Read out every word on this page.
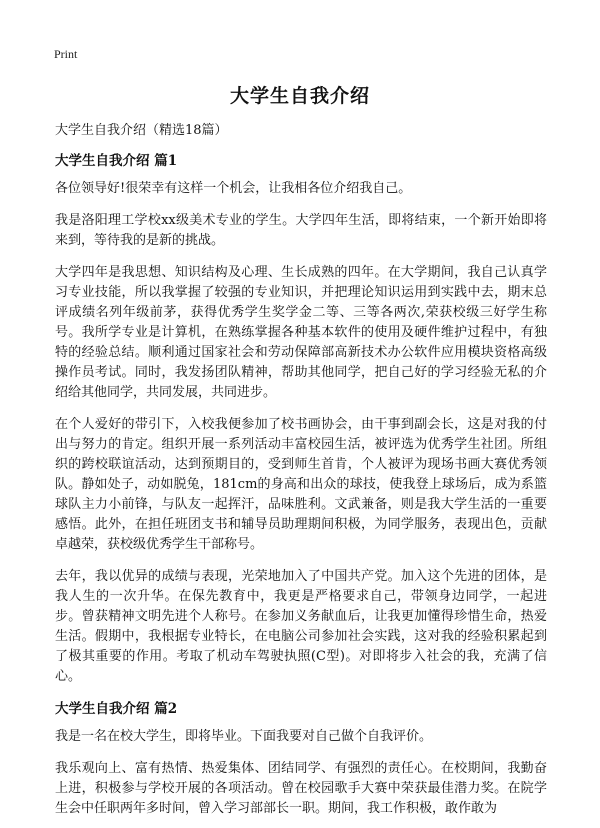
Print
大学生自我介绍

大学生自我介绍（精选18篇）

大学生自我介绍 篇1

各位领导好!很荣幸有这样一个机会，让我相各位介绍我自己。

我是洛阳理工学校xx级美术专业的学生。大学四年生活，即将结束，一个新开始即将来到，等待我的是新的挑战。

大学四年是我思想、知识结构及心理、生长成熟的四年。在大学期间，我自己认真学习专业技能，所以我掌握了较强的专业知识，并把理论知识运用到实践中去，期末总评成绩名列年级前茅，获得优秀学生奖学金二等、三等各两次,荣获校级三好学生称号。我所学专业是计算机，在熟练掌握各种基本软件的使用及硬件维护过程中，有独特的经验总结。顺利通过国家社会和劳动保障部高新技术办公软件应用模块资格高级操作员考试。同时，我发扬团队精神，帮助其他同学，把自己好的学习经验无私的介绍给其他同学，共同发展，共同进步。

在个人爱好的带引下，入校我便参加了校书画协会，由干事到副会长，这是对我的付出与努力的肯定。组织开展一系列活动丰富校园生活，被评选为优秀学生社团。所组织的跨校联谊活动，达到预期目的，受到师生首肯，个人被评为现场书画大赛优秀领队。静如处子，动如脱兔，181cm的身高和出众的球技，使我登上球场后，成为系篮球队主力小前锋，与队友一起挥汗，品味胜利。文武兼备，则是我大学生活的一重要感悟。此外，在担任班团支书和辅导员助理期间积极，为同学服务，表现出色，贡献卓越荣，获校级优秀学生干部称号。

去年，我以优异的成绩与表现，光荣地加入了中国共产党。加入这个先进的团体，是我人生的一次升华。在保先教育中，我更是严格要求自己，带领身边同学，一起进步。曾获精神文明先进个人称号。在参加义务献血后，让我更加懂得珍惜生命，热爱生活。假期中，我根据专业特长，在电脑公司参加社会实践，这对我的经验积累起到了极其重要的作用。考取了机动车驾驶执照(C型)。对即将步入社会的我，充满了信心。

大学生自我介绍 篇2

我是一名在校大学生，即将毕业。下面我要对自己做个自我评价。

我乐观向上、富有热情、热爱集体、团结同学、有强烈的责任心。在校期间，我勤奋上进，积极参与学校开展的各项活动。曾在校园歌手大赛中荣获最佳潜力奖。在院学生会中任职两年多时间，曾入学习部部长一职。期间，我工作积极，敢作敢为
